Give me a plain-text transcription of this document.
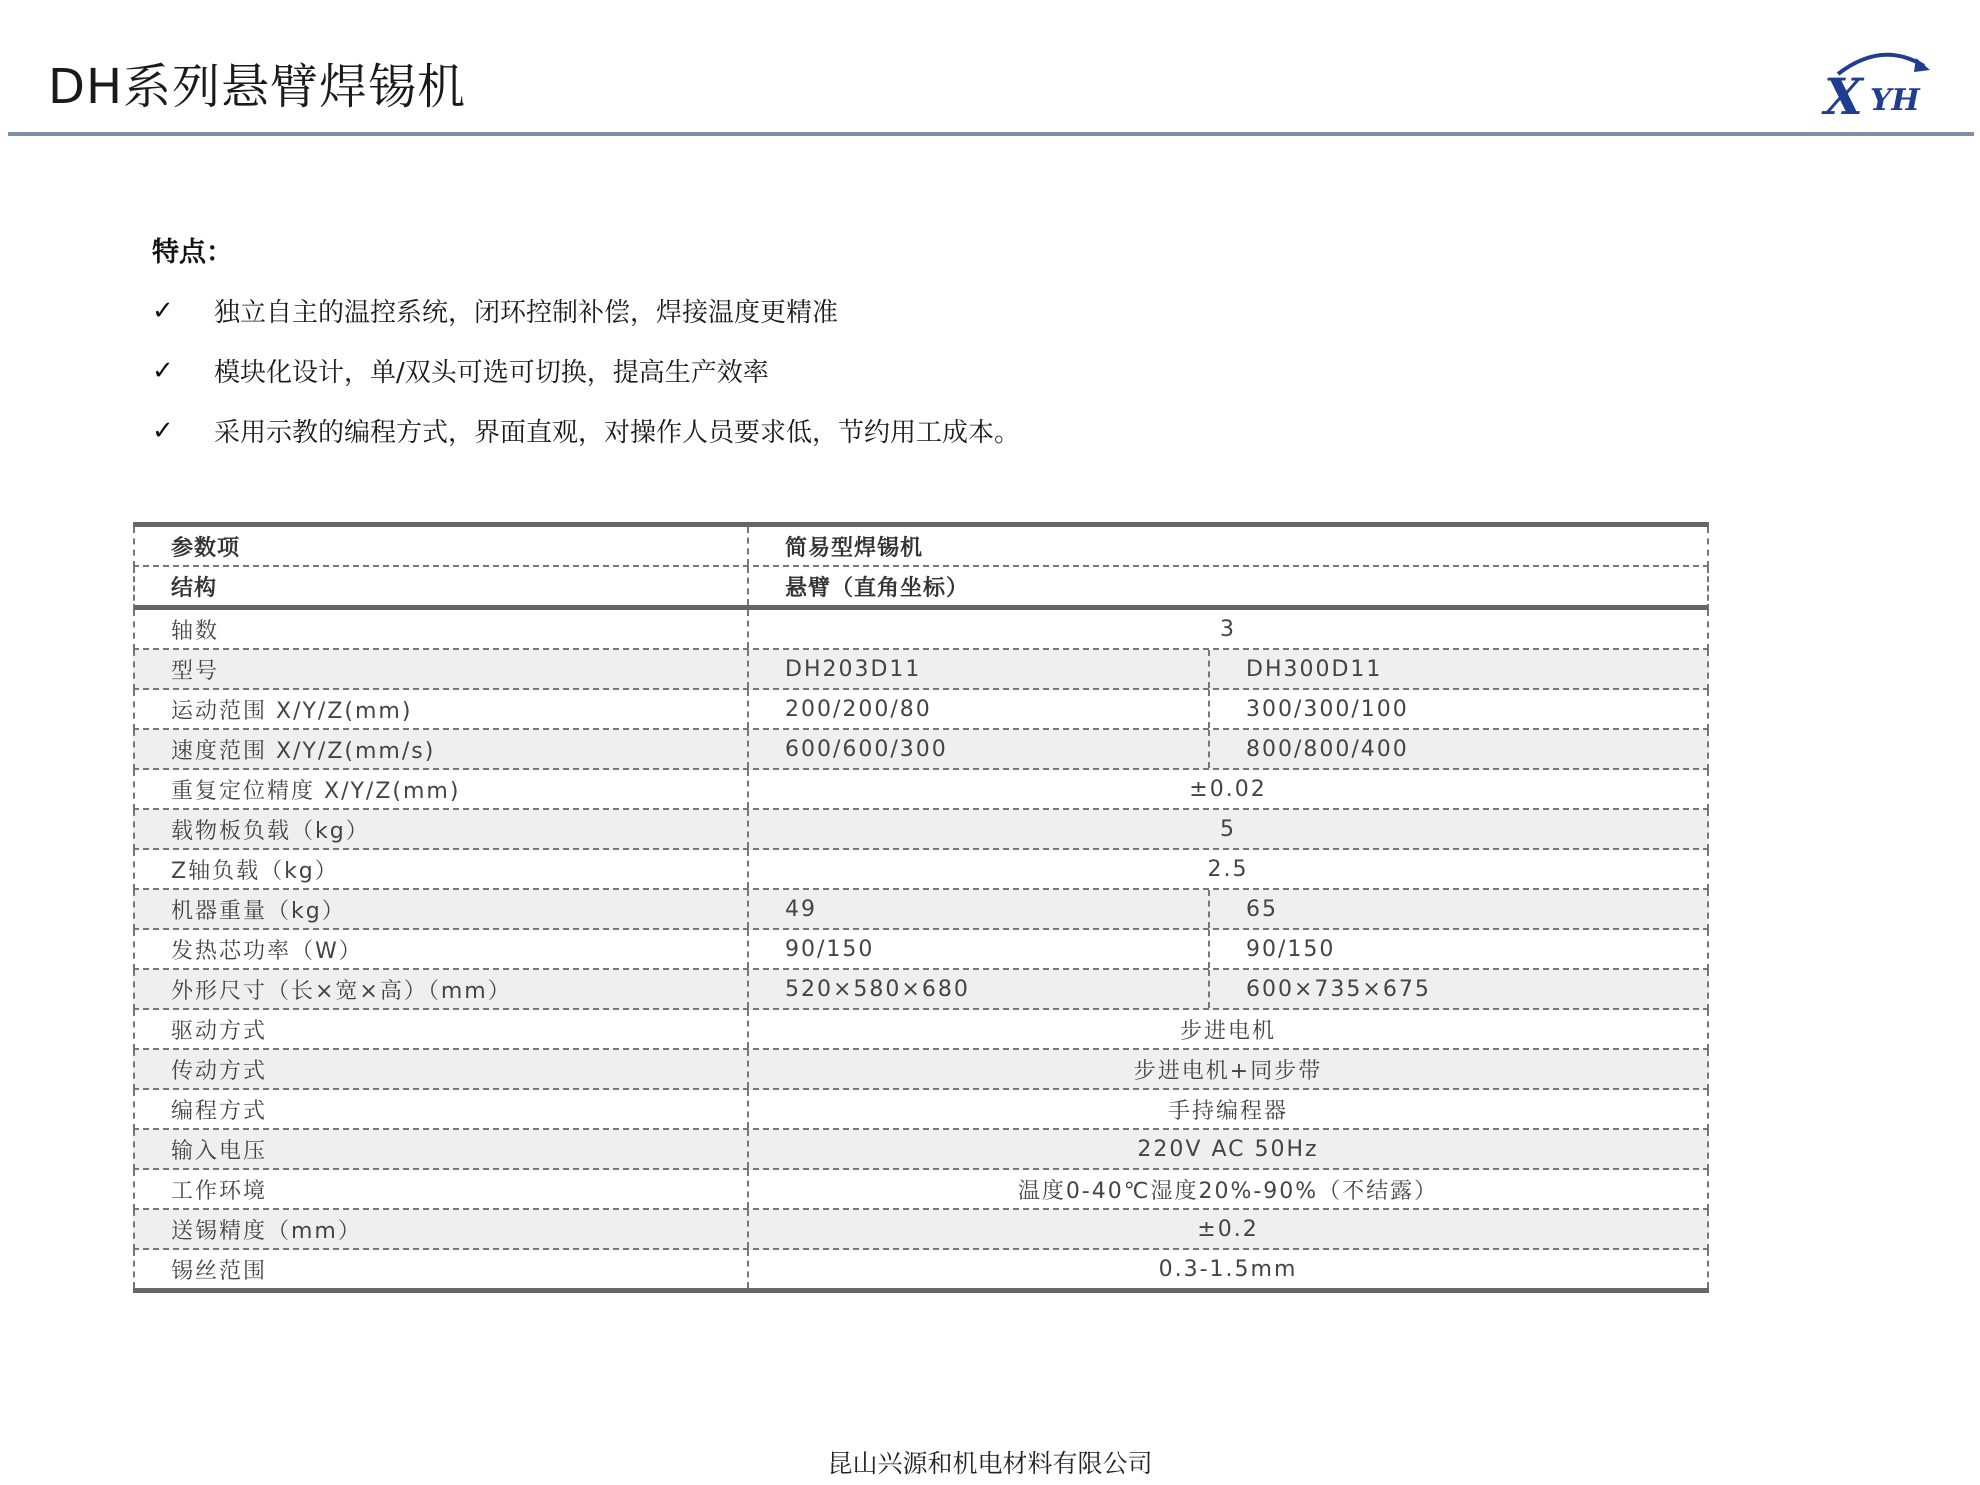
DH系列悬臂焊锡机	X YH
特点：
✓	独立自主的温控系统，闭环控制补偿，焊接温度更精准
✓	模块化设计，单/双头可选可切换，提高生产效率
✓	采用示教的编程方式，界面直观，对操作人员要求低，节约用工成本。
参数项	简易型焊锡机
结构	悬臂（直角坐标）
轴数	3
型号	DH203D11	DH300D11
运动范围 X/Y/Z(mm)	200/200/80	300/300/100
速度范围 X/Y/Z(mm/s)	600/600/300	800/800/400
重复定位精度 X/Y/Z(mm)	±0.02
载物板负载（kg）	5
Z轴负载（kg）	2.5
机器重量（kg）	49	65
发热芯功率（W）	90/150	90/150
外形尺寸（长×宽×高）（mm）	520×580×680	600×735×675
驱动方式	步进电机
传动方式	步进电机+同步带
编程方式	手持编程器
输入电压	220V AC 50Hz
工作环境	温度0-40℃湿度20%-90%（不结露）
送锡精度（mm）	±0.2
锡丝范围	0.3-1.5mm
昆山兴源和机电材料有限公司
